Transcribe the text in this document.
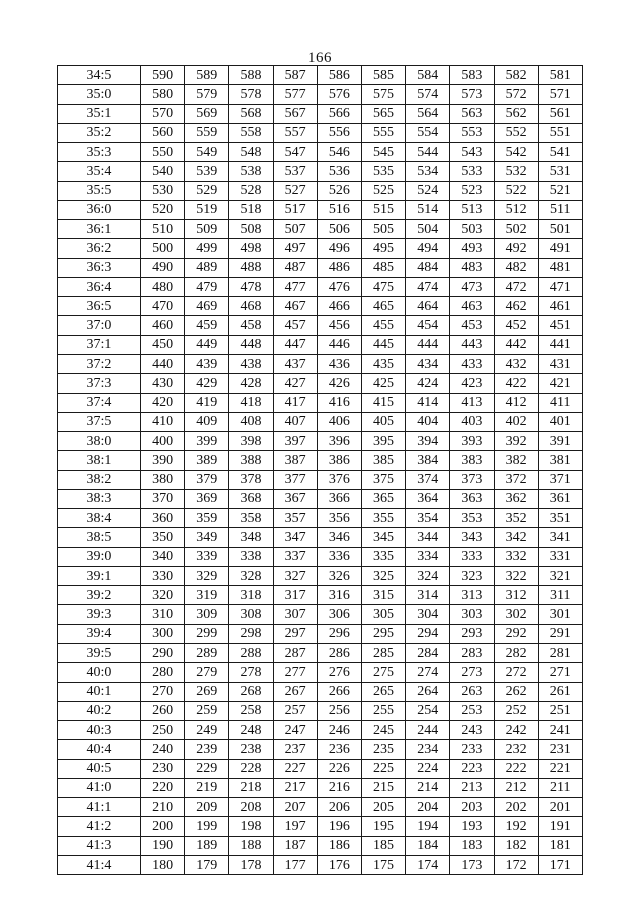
166
34:5	590	589	588	587	586	585	584	583	582	581
35:0	580	579	578	577	576	575	574	573	572	571
35:1	570	569	568	567	566	565	564	563	562	561
35:2	560	559	558	557	556	555	554	553	552	551
35:3	550	549	548	547	546	545	544	543	542	541
35:4	540	539	538	537	536	535	534	533	532	531
35:5	530	529	528	527	526	525	524	523	522	521
36:0	520	519	518	517	516	515	514	513	512	511
36:1	510	509	508	507	506	505	504	503	502	501
36:2	500	499	498	497	496	495	494	493	492	491
36:3	490	489	488	487	486	485	484	483	482	481
36:4	480	479	478	477	476	475	474	473	472	471
36:5	470	469	468	467	466	465	464	463	462	461
37:0	460	459	458	457	456	455	454	453	452	451
37:1	450	449	448	447	446	445	444	443	442	441
37:2	440	439	438	437	436	435	434	433	432	431
37:3	430	429	428	427	426	425	424	423	422	421
37:4	420	419	418	417	416	415	414	413	412	411
37:5	410	409	408	407	406	405	404	403	402	401
38:0	400	399	398	397	396	395	394	393	392	391
38:1	390	389	388	387	386	385	384	383	382	381
38:2	380	379	378	377	376	375	374	373	372	371
38:3	370	369	368	367	366	365	364	363	362	361
38:4	360	359	358	357	356	355	354	353	352	351
38:5	350	349	348	347	346	345	344	343	342	341
39:0	340	339	338	337	336	335	334	333	332	331
39:1	330	329	328	327	326	325	324	323	322	321
39:2	320	319	318	317	316	315	314	313	312	311
39:3	310	309	308	307	306	305	304	303	302	301
39:4	300	299	298	297	296	295	294	293	292	291
39:5	290	289	288	287	286	285	284	283	282	281
40:0	280	279	278	277	276	275	274	273	272	271
40:1	270	269	268	267	266	265	264	263	262	261
40:2	260	259	258	257	256	255	254	253	252	251
40:3	250	249	248	247	246	245	244	243	242	241
40:4	240	239	238	237	236	235	234	233	232	231
40:5	230	229	228	227	226	225	224	223	222	221
41:0	220	219	218	217	216	215	214	213	212	211
41:1	210	209	208	207	206	205	204	203	202	201
41:2	200	199	198	197	196	195	194	193	192	191
41:3	190	189	188	187	186	185	184	183	182	181
41:4	180	179	178	177	176	175	174	173	172	171
